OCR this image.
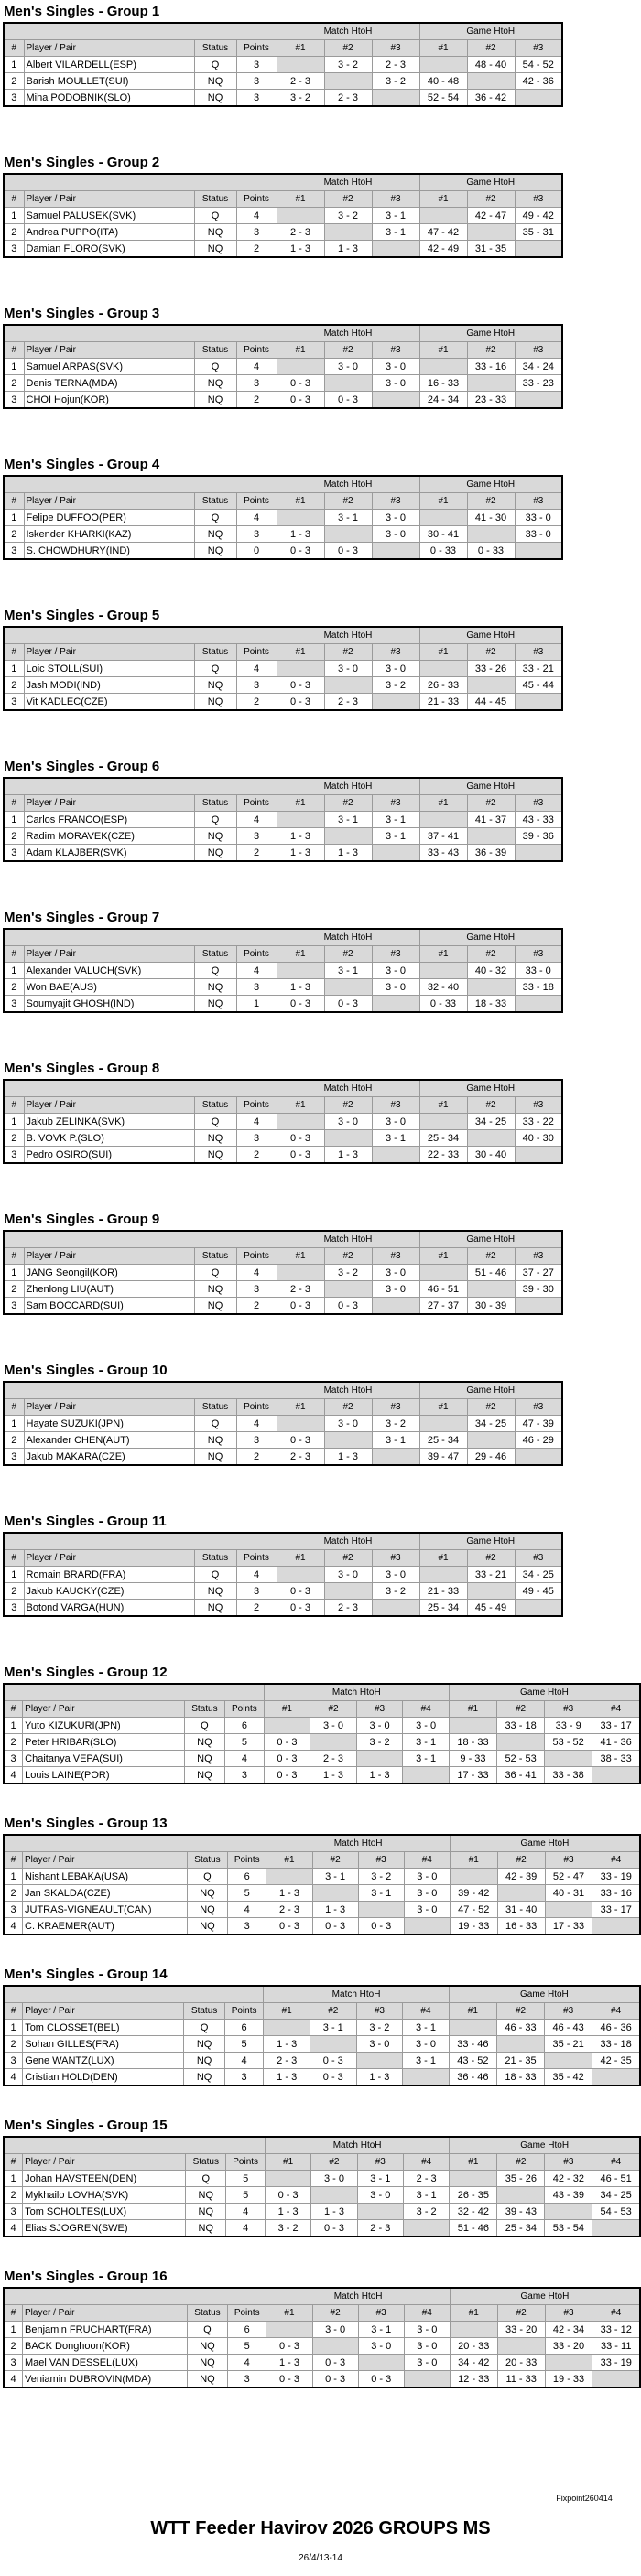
Men's Singles - Group 1
				Match HtoH			Game HtoH		
#	Player / Pair	Status	Points	#1	#2	#3	#1	#2	#3
1	Albert VILARDELL(ESP)	Q	3		3 - 2	2 - 3		48 - 40	54 - 52
2	Barish MOULLET(SUI)	NQ	3	2 - 3		3 - 2	40 - 48		42 - 36
3	Miha PODOBNIK(SLO)	NQ	3	3 - 2	2 - 3		52 - 54	36 - 42	
Men's Singles - Group 2
				Match HtoH			Game HtoH		
#	Player / Pair	Status	Points	#1	#2	#3	#1	#2	#3
1	Samuel PALUSEK(SVK)	Q	4		3 - 2	3 - 1		42 - 47	49 - 42
2	Andrea PUPPO(ITA)	NQ	3	2 - 3		3 - 1	47 - 42		35 - 31
3	Damian FLORO(SVK)	NQ	2	1 - 3	1 - 3		42 - 49	31 - 35	
Men's Singles - Group 3
				Match HtoH			Game HtoH		
#	Player / Pair	Status	Points	#1	#2	#3	#1	#2	#3
1	Samuel ARPAS(SVK)	Q	4		3 - 0	3 - 0		33 - 16	34 - 24
2	Denis TERNA(MDA)	NQ	3	0 - 3		3 - 0	16 - 33		33 - 23
3	CHOI Hojun(KOR)	NQ	2	0 - 3	0 - 3		24 - 34	23 - 33	
Men's Singles - Group 4
				Match HtoH			Game HtoH		
#	Player / Pair	Status	Points	#1	#2	#3	#1	#2	#3
1	Felipe DUFFOO(PER)	Q	4		3 - 1	3 - 0		41 - 30	33 - 0
2	Iskender KHARKI(KAZ)	NQ	3	1 - 3		3 - 0	30 - 41		33 - 0
3	S. CHOWDHURY(IND)	NQ	0	0 - 3	0 - 3		0 - 33	0 - 33	
Men's Singles - Group 5
				Match HtoH			Game HtoH		
#	Player / Pair	Status	Points	#1	#2	#3	#1	#2	#3
1	Loic STOLL(SUI)	Q	4		3 - 0	3 - 0		33 - 26	33 - 21
2	Jash MODI(IND)	NQ	3	0 - 3		3 - 2	26 - 33		45 - 44
3	Vit KADLEC(CZE)	NQ	2	0 - 3	2 - 3		21 - 33	44 - 45	
Men's Singles - Group 6
				Match HtoH			Game HtoH		
#	Player / Pair	Status	Points	#1	#2	#3	#1	#2	#3
1	Carlos FRANCO(ESP)	Q	4		3 - 1	3 - 1		41 - 37	43 - 33
2	Radim MORAVEK(CZE)	NQ	3	1 - 3		3 - 1	37 - 41		39 - 36
3	Adam KLAJBER(SVK)	NQ	2	1 - 3	1 - 3		33 - 43	36 - 39	
Men's Singles - Group 7
				Match HtoH			Game HtoH		
#	Player / Pair	Status	Points	#1	#2	#3	#1	#2	#3
1	Alexander VALUCH(SVK)	Q	4		3 - 1	3 - 0		40 - 32	33 - 0
2	Won BAE(AUS)	NQ	3	1 - 3		3 - 0	32 - 40		33 - 18
3	Soumyajit GHOSH(IND)	NQ	1	0 - 3	0 - 3		0 - 33	18 - 33	
Men's Singles - Group 8
				Match HtoH			Game HtoH		
#	Player / Pair	Status	Points	#1	#2	#3	#1	#2	#3
1	Jakub ZELINKA(SVK)	Q	4		3 - 0	3 - 0		34 - 25	33 - 22
2	B. VOVK P.(SLO)	NQ	3	0 - 3		3 - 1	25 - 34		40 - 30
3	Pedro OSIRO(SUI)	NQ	2	0 - 3	1 - 3		22 - 33	30 - 40	
Men's Singles - Group 9
				Match HtoH			Game HtoH		
#	Player / Pair	Status	Points	#1	#2	#3	#1	#2	#3
1	JANG Seongil(KOR)	Q	4		3 - 2	3 - 0		51 - 46	37 - 27
2	Zhenlong LIU(AUT)	NQ	3	2 - 3		3 - 0	46 - 51		39 - 30
3	Sam BOCCARD(SUI)	NQ	2	0 - 3	0 - 3		27 - 37	30 - 39	
Men's Singles - Group 10
				Match HtoH			Game HtoH		
#	Player / Pair	Status	Points	#1	#2	#3	#1	#2	#3
1	Hayate SUZUKI(JPN)	Q	4		3 - 0	3 - 2		34 - 25	47 - 39
2	Alexander CHEN(AUT)	NQ	3	0 - 3		3 - 1	25 - 34		46 - 29
3	Jakub MAKARA(CZE)	NQ	2	2 - 3	1 - 3		39 - 47	29 - 46	
Men's Singles - Group 11
				Match HtoH			Game HtoH		
#	Player / Pair	Status	Points	#1	#2	#3	#1	#2	#3
1	Romain BRARD(FRA)	Q	4		3 - 0	3 - 0		33 - 21	34 - 25
2	Jakub KAUCKY(CZE)	NQ	3	0 - 3		3 - 2	21 - 33		49 - 45
3	Botond VARGA(HUN)	NQ	2	0 - 3	2 - 3		25 - 34	45 - 49	
Men's Singles - Group 12
				Match HtoH				Game HtoH			
#	Player / Pair	Status	Points	#1	#2	#3	#4	#1	#2	#3	#4
1	Yuto KIZUKURI(JPN)	Q	6		3 - 0	3 - 0	3 - 0		33 - 18	33 - 9	33 - 17
2	Peter HRIBAR(SLO)	NQ	5	0 - 3		3 - 2	3 - 1	18 - 33		53 - 52	41 - 36
3	Chaitanya VEPA(SUI)	NQ	4	0 - 3	2 - 3		3 - 1	9 - 33	52 - 53		38 - 33
4	Louis LAINE(POR)	NQ	3	0 - 3	1 - 3	1 - 3		17 - 33	36 - 41	33 - 38	
Men's Singles - Group 13
				Match HtoH				Game HtoH			
#	Player / Pair	Status	Points	#1	#2	#3	#4	#1	#2	#3	#4
1	Nishant LEBAKA(USA)	Q	6		3 - 1	3 - 2	3 - 0		42 - 39	52 - 47	33 - 19
2	Jan SKALDA(CZE)	NQ	5	1 - 3		3 - 1	3 - 0	39 - 42		40 - 31	33 - 16
3	JUTRAS-VIGNEAULT(CAN)	NQ	4	2 - 3	1 - 3		3 - 0	47 - 52	31 - 40		33 - 17
4	C. KRAEMER(AUT)	NQ	3	0 - 3	0 - 3	0 - 3		19 - 33	16 - 33	17 - 33	
Men's Singles - Group 14
				Match HtoH				Game HtoH			
#	Player / Pair	Status	Points	#1	#2	#3	#4	#1	#2	#3	#4
1	Tom CLOSSET(BEL)	Q	6		3 - 1	3 - 2	3 - 1		46 - 33	46 - 43	46 - 36
2	Sohan GILLES(FRA)	NQ	5	1 - 3		3 - 0	3 - 0	33 - 46		35 - 21	33 - 18
3	Gene WANTZ(LUX)	NQ	4	2 - 3	0 - 3		3 - 1	43 - 52	21 - 35		42 - 35
4	Cristian HOLD(DEN)	NQ	3	1 - 3	0 - 3	1 - 3		36 - 46	18 - 33	35 - 42	
Men's Singles - Group 15
				Match HtoH				Game HtoH			
#	Player / Pair	Status	Points	#1	#2	#3	#4	#1	#2	#3	#4
1	Johan HAVSTEEN(DEN)	Q	5		3 - 0	3 - 1	2 - 3		35 - 26	42 - 32	46 - 51
2	Mykhailo LOVHA(SVK)	NQ	5	0 - 3		3 - 0	3 - 1	26 - 35		43 - 39	34 - 25
3	Tom SCHOLTES(LUX)	NQ	4	1 - 3	1 - 3		3 - 2	32 - 42	39 - 43		54 - 53
4	Elias SJOGREN(SWE)	NQ	4	3 - 2	0 - 3	2 - 3		51 - 46	25 - 34	53 - 54	
Men's Singles - Group 16
				Match HtoH				Game HtoH			
#	Player / Pair	Status	Points	#1	#2	#3	#4	#1	#2	#3	#4
1	Benjamin FRUCHART(FRA)	Q	6		3 - 0	3 - 1	3 - 0		33 - 20	42 - 34	33 - 12
2	BACK Donghoon(KOR)	NQ	5	0 - 3		3 - 0	3 - 0	20 - 33		33 - 20	33 - 11
3	Mael VAN DESSEL(LUX)	NQ	4	1 - 3	0 - 3		3 - 0	34 - 42	20 - 33		33 - 19
4	Veniamin DUBROVIN(MDA)	NQ	3	0 - 3	0 - 3	0 - 3		12 - 33	11 - 33	19 - 33	
Fixpoint260414
WTT Feeder Havirov 2026 GROUPS MS
26/4/13-14
